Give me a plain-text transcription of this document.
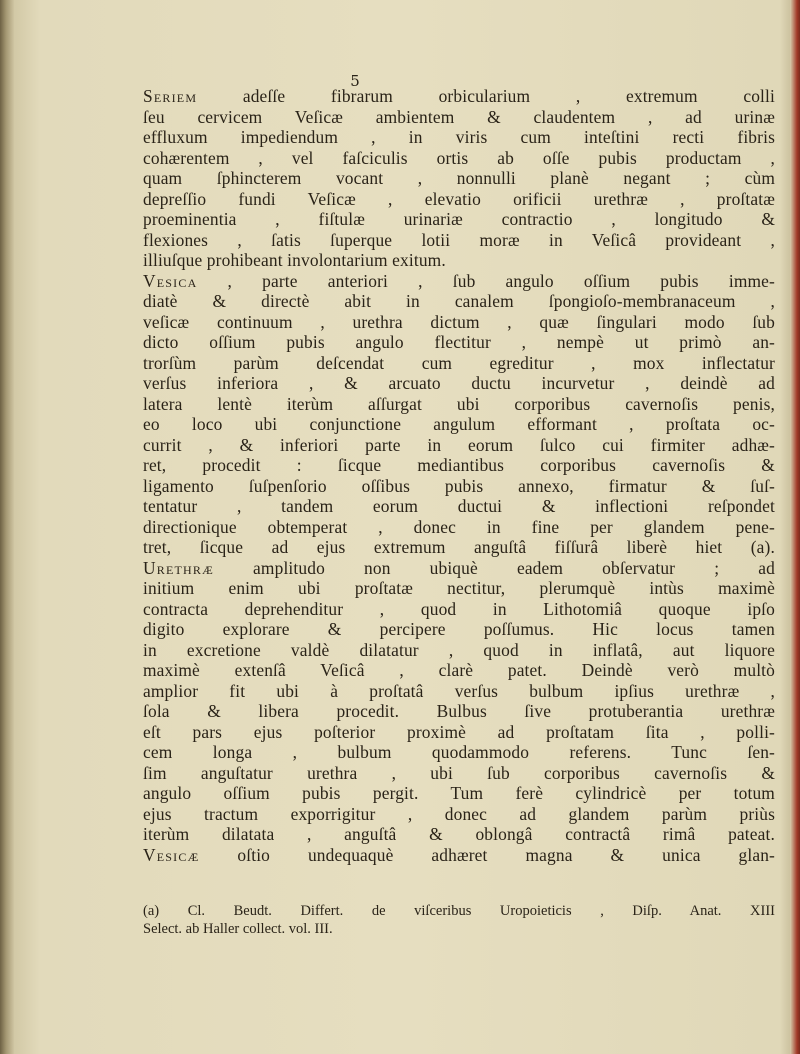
5
Seriem adeſſe fibrarum orbicularium , extremum colli
ſeu cervicem Veſicæ ambientem & claudentem , ad urinæ
effluxum impediendum , in viris cum inteſtini recti fibris
cohærentem , vel faſciculis ortis ab oſſe pubis productam ,
quam ſphincterem vocant , nonnulli planè negant ; cùm
depreſſio fundi Veſicæ , elevatio orificii urethræ , proſtatæ
proeminentia , fiſtulæ urinariæ contractio , longitudo &
flexiones , ſatis ſuperque lotii moræ in Veſicâ provideant ,
illiuſque prohibeant involontarium exitum.
Vesica , parte anteriori , ſub angulo oſſium pubis imme-
diatè & directè abit in canalem ſpongioſo-membranaceum ,
veſicæ continuum , urethra dictum , quæ ſingulari modo ſub
dicto oſſium pubis angulo flectitur , nempè ut primò an-
trorſùm parùm deſcendat cum egreditur , mox inflectatur
verſus inferiora , & arcuato ductu incurvetur , deindè ad
latera lentè iterùm aſſurgat ubi corporibus cavernoſis penis,
eo loco ubi conjunctione angulum efformant , proſtata oc-
currit , & inferiori parte in eorum ſulco cui firmiter adhæ-
ret, procedit : ſicque mediantibus corporibus cavernoſis &
ligamento ſuſpenſorio oſſibus pubis annexo, firmatur & ſuſ-
tentatur , tandem eorum ductui & inflectioni reſpondet
directionique obtemperat , donec in fine per glandem pene-
tret, ſicque ad ejus extremum anguſtâ fiſſurâ liberè hiet (a).
Urethræ amplitudo non ubiquè eadem obſervatur ; ad
initium enim ubi proſtatæ nectitur, plerumquè intùs maximè
contracta deprehenditur , quod in Lithotomiâ quoque ipſo
digito explorare & percipere poſſumus. Hic locus tamen
in excretione valdè dilatatur , quod in inflatâ, aut liquore
maximè extenſâ Veſicâ , clarè patet. Deindè verò multò
amplior fit ubi à proſtatâ verſus bulbum ipſius urethræ ,
ſola & libera procedit. Bulbus ſive protuberantia urethræ
eſt pars ejus poſterior proximè ad proſtatam ſita , polli-
cem longa , bulbum quodammodo referens. Tunc ſen-
ſim anguſtatur urethra , ubi ſub corporibus cavernoſis &
angulo oſſium pubis pergit. Tum ferè cylindricè per totum
ejus tractum exporrigitur , donec ad glandem parùm priùs
iterùm dilatata , anguſtâ & oblongâ contractâ rimâ pateat.
Vesicæ oſtio undequaquè adhæret magna & unica glan-
(a) Cl. Beudt. Differt. de viſceribus Uropoieticis , Diſp. Anat. XIII
Select. ab Haller collect. vol. III.
